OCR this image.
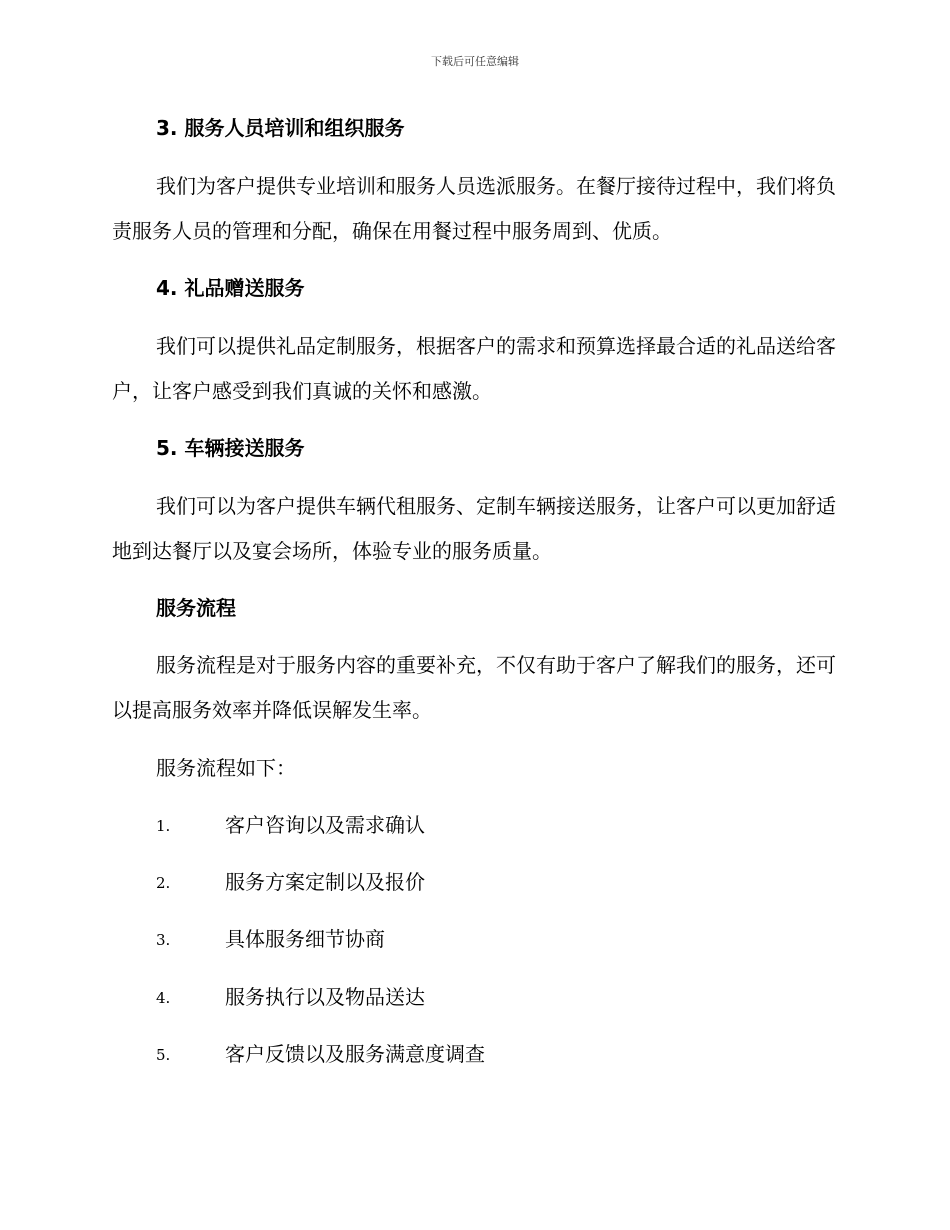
下载后可任意编辑
3. 服务人员培训和组织服务

我们为客户提供专业培训和服务人员选派服务。在餐厅接待过程中，我们将负责服务人员的管理和分配，确保在用餐过程中服务周到、优质。

4. 礼品赠送服务

我们可以提供礼品定制服务，根据客户的需求和预算选择最合适的礼品送给客户，让客户感受到我们真诚的关怀和感激。

5. 车辆接送服务

我们可以为客户提供车辆代租服务、定制车辆接送服务，让客户可以更加舒适地到达餐厅以及宴会场所，体验专业的服务质量。

服务流程

服务流程是对于服务内容的重要补充，不仅有助于客户了解我们的服务，还可以提高服务效率并降低误解发生率。

服务流程如下：
1.	客户咨询以及需求确认
2.	服务方案定制以及报价
3.	具体服务细节协商
4.	服务执行以及物品送达
5.	客户反馈以及服务满意度调查
